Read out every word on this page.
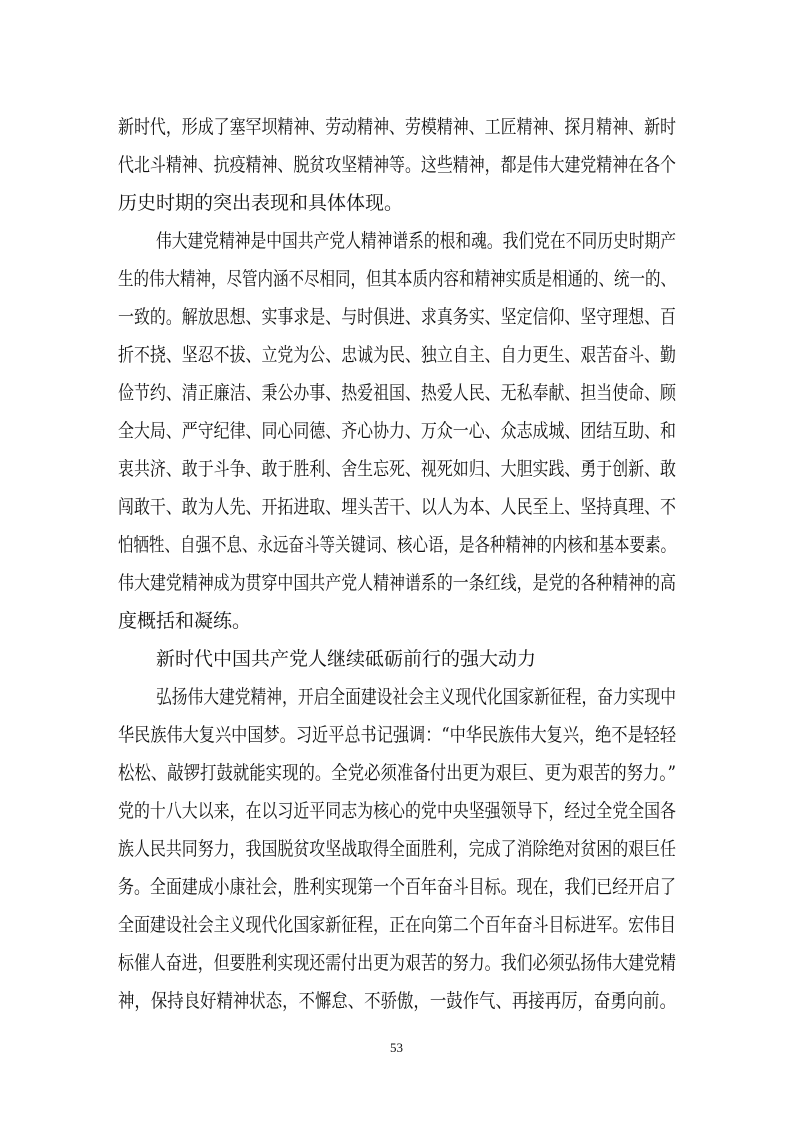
新时代，形成了塞罕坝精神、劳动精神、劳模精神、工匠精神、探月精神、新时
代北斗精神、抗疫精神、脱贫攻坚精神等。这些精神，都是伟大建党精神在各个
历史时期的突出表现和具体体现。
伟大建党精神是中国共产党人精神谱系的根和魂。我们党在不同历史时期产
生的伟大精神，尽管内涵不尽相同，但其本质内容和精神实质是相通的、统一的、
一致的。解放思想、实事求是、与时俱进、求真务实、坚定信仰、坚守理想、百
折不挠、坚忍不拔、立党为公、忠诚为民、独立自主、自力更生、艰苦奋斗、勤
俭节约、清正廉洁、秉公办事、热爱祖国、热爱人民、无私奉献、担当使命、顾
全大局、严守纪律、同心同德、齐心协力、万众一心、众志成城、团结互助、和
衷共济、敢于斗争、敢于胜利、舍生忘死、视死如归、大胆实践、勇于创新、敢
闯敢干、敢为人先、开拓进取、埋头苦干、以人为本、人民至上、坚持真理、不
怕牺牲、自强不息、永远奋斗等关键词、核心语，是各种精神的内核和基本要素。
伟大建党精神成为贯穿中国共产党人精神谱系的一条红线，是党的各种精神的高
度概括和凝练。
新时代中国共产党人继续砥砺前行的强大动力
弘扬伟大建党精神，开启全面建设社会主义现代化国家新征程，奋力实现中
华民族伟大复兴中国梦。习近平总书记强调：“中华民族伟大复兴，绝不是轻轻
松松、敲锣打鼓就能实现的。全党必须准备付出更为艰巨、更为艰苦的努力。”
党的十八大以来，在以习近平同志为核心的党中央坚强领导下，经过全党全国各
族人民共同努力，我国脱贫攻坚战取得全面胜利，完成了消除绝对贫困的艰巨任
务。全面建成小康社会，胜利实现第一个百年奋斗目标。现在，我们已经开启了
全面建设社会主义现代化国家新征程，正在向第二个百年奋斗目标进军。宏伟目
标催人奋进，但要胜利实现还需付出更为艰苦的努力。我们必须弘扬伟大建党精
神，保持良好精神状态，不懈怠、不骄傲，一鼓作气、再接再厉，奋勇向前。
53
